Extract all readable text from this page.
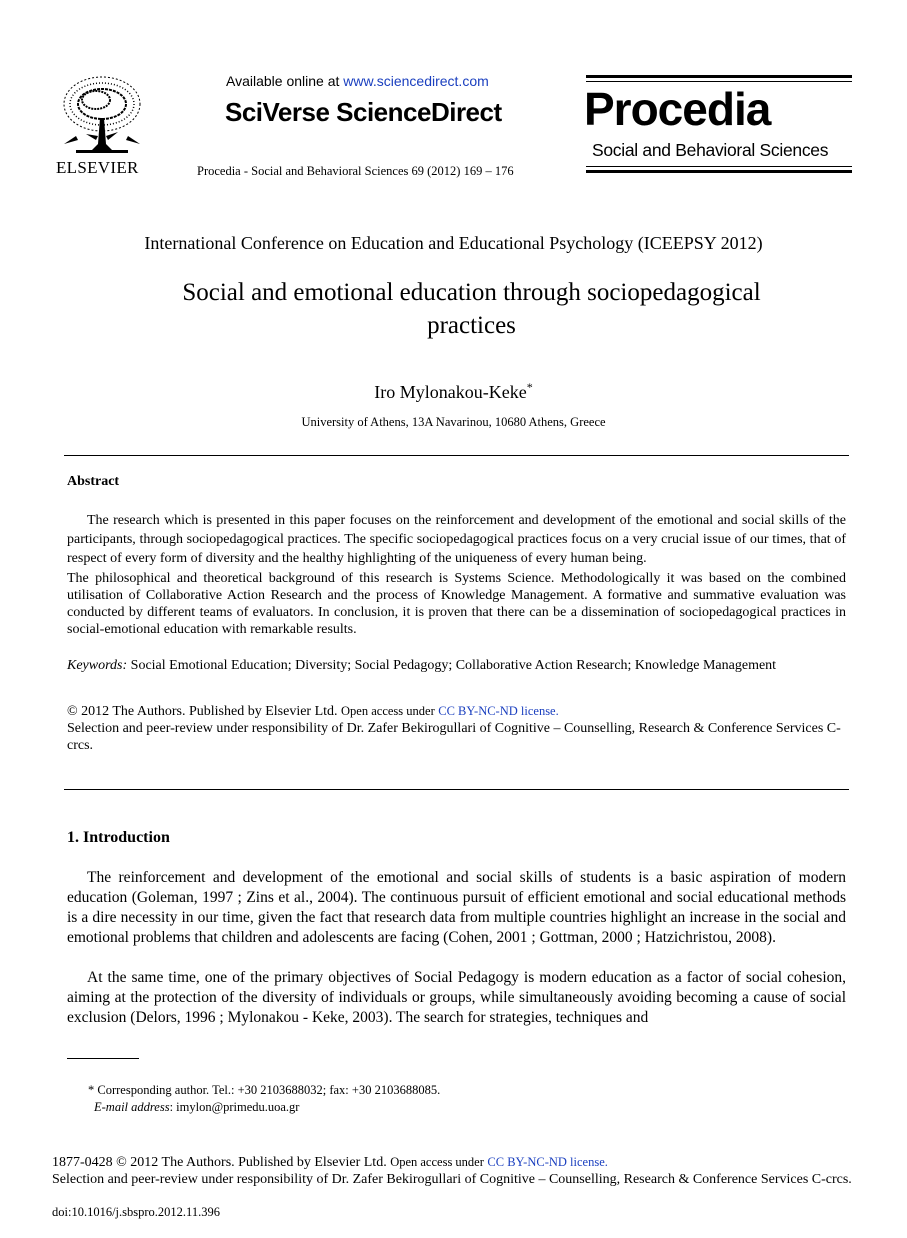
ELSEVIER
Available online at www.sciencedirect.com
SciVerse ScienceDirect
Procedia - Social and Behavioral Sciences 69 (2012) 169 – 176
Procedia
Social and Behavioral Sciences
International Conference on Education and Educational Psychology (ICEEPSY 2012)
Social and emotional education through sociopedagogical
practices
Iro Mylonakou-Keke*
University of Athens, 13A Navarinou, 10680 Athens, Greece
Abstract
The research which is presented in this paper focuses on the reinforcement and development of the emotional and social skills of the participants, through sociopedagogical practices. The specific sociopedagogical practices focus on a very crucial issue of our times, that of respect of every form of diversity and the healthy highlighting of the uniqueness of every human being.
The philosophical and theoretical background of this research is Systems Science. Methodologically it was based on the combined utilisation of Collaborative Action Research and the process of Knowledge Management. A formative and summative evaluation was conducted by different teams of evaluators. In conclusion, it is proven that there can be a dissemination of sociopedagogical practices in social-emotional education with remarkable results.
Keywords: Social Emotional Education; Diversity; Social Pedagogy; Collaborative Action Research; Knowledge Management
© 2012 The Authors. Published by Elsevier Ltd. Open access under CC BY-NC-ND license.
Selection and peer-review under responsibility of Dr. Zafer Bekirogullari of Cognitive – Counselling, Research & Conference Services C-crcs.
1. Introduction
The reinforcement and development of the emotional and social skills of students is a basic aspiration of modern education (Goleman, 1997 ; Zins et al., 2004). The continuous pursuit of efficient emotional and social educational methods is a dire necessity in our time, given the fact that research data from multiple countries highlight an increase in the social and emotional problems that children and adolescents are facing (Cohen, 2001 ; Gottman, 2000 ; Hatzichristou, 2008).
At the same time, one of the primary objectives of Social Pedagogy is modern education as a factor of social cohesion, aiming at the protection of the diversity of individuals or groups, while simultaneously avoiding becoming a cause of social exclusion (Delors, 1996 ; Mylonakou - Keke, 2003). The search for strategies, techniques and
* Corresponding author. Tel.: +30 2103688032; fax: +30 2103688085.
E-mail address: imylon@primedu.uoa.gr
1877-0428 © 2012 The Authors. Published by Elsevier Ltd. Open access under CC BY-NC-ND license.
Selection and peer-review under responsibility of Dr. Zafer Bekirogullari of Cognitive – Counselling, Research & Conference Services C-crcs.
doi:10.1016/j.sbspro.2012.11.396
